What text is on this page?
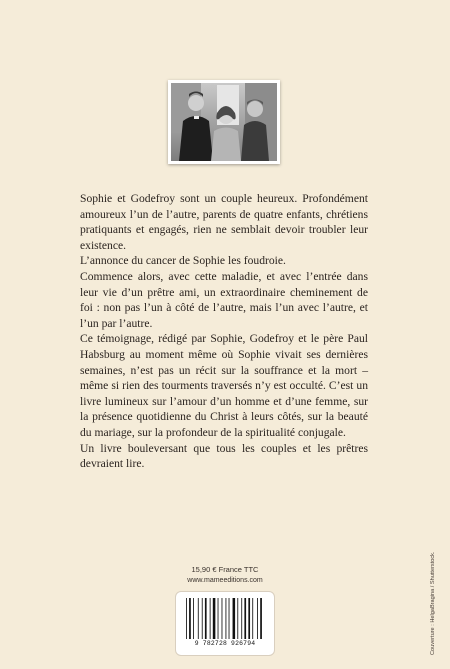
Sophie et Godefroy sont un couple heureux. Profondément amoureux l’un de l’autre, parents de quatre enfants, chrétiens pratiquants et engagés, rien ne semblait devoir troubler leur existence.

L’annonce du cancer de Sophie les foudroie.

Commence alors, avec cette maladie, et avec l’entrée dans leur vie d’un prêtre ami, un extraordinaire cheminement de foi : non pas l’un à côté de l’autre, mais l’un avec l’autre, et l’un par l’autre.

Ce témoignage, rédigé par Sophie, Godefroy et le père Paul Habsburg au moment même où Sophie vivait ses dernières semaines, n’est pas un récit sur la souffrance et la mort – même si rien des tourments traversés n’y est occulté. C’est un livre lumineux sur l’amour d’un homme et d’une femme, sur la présence quotidienne du Christ à leurs côtés, sur la beauté du mariage, sur la profondeur de la spiritualité conjugale.

Un livre bouleversant que tous les couples et les prêtres devraient lire.

15,90 € France TTC
www.mameeditions.com
9 782728 926794	Couverture : HelgaBragina / Shutterstock.
